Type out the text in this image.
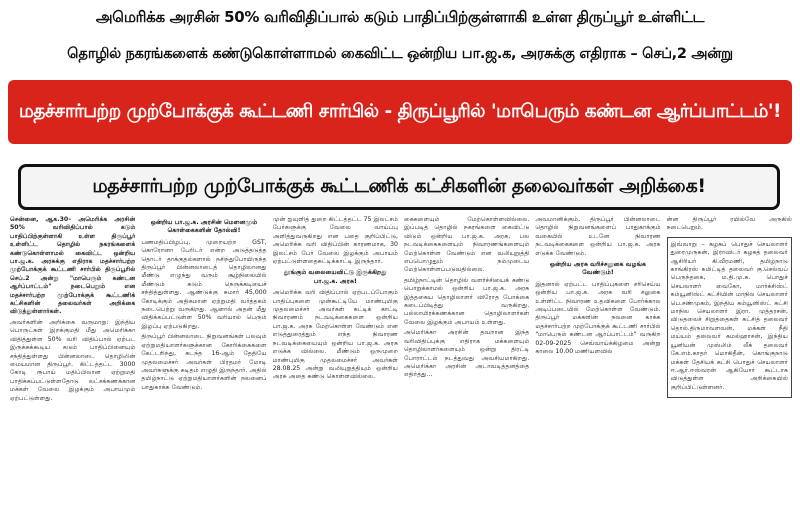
அமெரிக்க அரசின் 50% வரிவிதிப்பால் கடும் பாதிப்பிற்குள்ளாகி உள்ள திருப்பூர் உள்ளிட்ட
தொழில் நகரங்களைக் கண்டுகொள்ளாமல் கைவிட்ட ஒன்றிய பா.ஜ.க, அரசுக்கு எதிராக – செப்,2 அன்று
மதச்சார்பற்ற முற்போக்குக் கூட்டணி சார்பில் - திருப்பூரில் 'மாபெரும் கண்டன ஆர்ப்பாட்டம்'!
மதச்சார்பற்ற முற்போக்குக் கூட்டணிக் கட்சிகளின் தலைவர்கள் அறிக்கை!

சென்னை, ஆக.30– அமெரிக்க அரசின் 50% வரிவிதிப்பால் கடும் பாதிப்பிற்குள்ளாகி உள்ள திருப்பூர் உள்ளிட்ட தொழில் நகரங்களைக் கண்டுகொள்ளாமல் கைவிட்ட ஒன்றிய பா.ஜ.க. அரசுக்கு எதிராக மதச்சார்பற்ற முற்போக்குக் கூட்டணி சார்பில் திருப்பூரில் செப்.2 அன்று "மாபெரும் கண்டன ஆர்ப்பாட்டம்" நடைபெறும் என மதச்சார்பற்ற முற்போக்குக் கூட்டணிக் கட்சிகளின் தலைவர்கள் அறிக்கை விடுத்துள்ளார்கள்.

அவர்களின் அறிக்கை வருமாறு: இந்திய பொருட்கள் இறக்குமதி மீது அமெரிக்கா விதித்துள்ள 50% வரி விதிப்பால் ஏற்பட இருக்கக்கூடிய கடும் பாதிப்பினையும் சந்தித்துள்ளது பின்னலாடை தொழிலின் மையமான திருப்பூர். கிட்டத்தட்ட 3000 கோடி ரூபாய் மதிப்பிலான ஏற்றுமதி பாதிக்கப்பட்டுள்ளதோடு லட்சக்கணக்கான மக்கள் வேலை இழக்கும் அபாயமும் ஏற்பட்டுள்ளது.

ஒன்றிய பா.ஜ.க. அரசின் மெளனமும் கொள்கைகளின் தோல்வி!

பணமதிப்பிழப்பு, முறையற்ற GST, கொரோனா பேரிடர் என்ற அடுத்தடுத்த தொடர் தாக்குதல்களால் நசிந்துபோயிருந்த திருப்பூர் பின்னலாடைத் தொழிலானது மீண்டு எழுந்து வரும் சூழ்நிலையில் மீண்டும் கடும் நெருக்கடியைச் சந்தித்துள்ளது. ஆண்டுக்கு சுமார் 45,000 கோடிக்கும் அதிகமான ஏற்றுமதி வர்த்தகம் நடைபெற்று வருகிறது. ஆனால் அதன் மீது விதிக்கப்பட்டுள்ள 50% வரியால் பெரும் இழப்பு ஏற்படுகிறது.

திருப்பூர் பின்னலாடை நிறுவனங்கள் பலவும் ஏற்றுமதியாளர்களுக்கான கோரிக்கைகளை கேட்டறிந்து, கடந்த 16-ஆம் தேதியே முதலமைச்சர் அவர்கள் பிரதமர் மோடி அவர்களுக்கு கடிதம் எழுதி இருந்தார். அதில் தமிழ்நாட்டு ஏற்றுமதியாளர்களின் நலனைப் பாதுகாக்க வேண்டும்.

முன் ஐவுளித் துறை கிட்டத்தட்ட 75 இலட்சம் பேர்களுக்கு வேலை வாய்ப்பு அளித்துவருகிறது என பதை குறிப்பிட்டு, அமெரிக்க வரி விதிப்பின் காரணமாக, 30 இலட்சம் பேர் வேலை இழக்கும் அபாயம் ஏற்பட்டுள்ளதைசுட்டிக்காட்டி இருந்தார்.

தூங்கும் வலையைவிட்டு இருக்கிறது பா.ஜ.க. அரசு!

அமெரிக்க வரி விதிப்பால் ஏற்படப்போகும் பாதிப்புகளை முன்கூட்டியே மாண்புமிகு முதலமைச்சர் அவர்கள் சுட்டிக் காட்டி நிவாரணம் நடவடிக்கைகளை ஒன்றிய பா.ஜ.க. அரசு மேற்கொள்ள வேண்டும் என எடுத்துரைத்தும் எந்த நிவாரண நடவடிக்கையையும் ஒன்றிய பா.ஜ.க. அரசு எடுக்க வில்லை. மீண்டும் ஒருமுறை மாண்புமிகு முதலமைச்சர் அவர்கள் 28.08.25 அன்று வலியுறுத்தியும் ஒன்றிய அரசு அதை கண்டு கொள்ளவில்லை.

கைகளையும் மேற்கொள்ளவில்லை. இப்படித் தொழில் நகரங்களை கைவிட்டு விடும் ஒன்றிய பா.ஜ.க. அரசு, பல நடவடிக்கைகளையும் நிவாரணங்களையும் மேற்கொள்ள வேண்டும் என வலியுறுத்தி எப்பொழுதும் நம்முடைய மேற்கொள்ளப்படுவதில்லை.

தமிழ்நாட்டின் தொழில் வளர்ச்சியைக் கண்டு பொறுக்காமல் ஒன்றிய பா.ஜ.க. அரசு இத்தகைய தொழிலாளர் விரோத போக்கை கடைப்பிடித்து வருகிறது. பல்லாயிரக்கணக்கான தொழிலாளர்கள் வேலை இழக்கும் அபாயம் உள்ளது.

அமெரிக்கா அரசின் தவறான இந்த வரிவிதிப்புக்கு எதிராக மக்களையும் தொழிலாளர்களையும் ஒன்று திரட்டி போராட்டம் நடத்துவது அவசியமாகிறது. அமெரிக்கா அரசின் அடாவடித்தனத்தை எதிர்த்து...

அவமானிக்கும், திருப்பூர் பின்னலாடை தொழில் நிறுவனங்களைப் பாதுகாக்கும் வகையில் உடனே நிவாரண நடவடிக்கைகளை ஒன்றிய பா.ஜ.க. அரசு எடுக்க வேண்டும்.

ஒன்றிய அரசு வரிச்சலுகை வழங்க வேண்டும்!

இதனால் ஏற்பட்ட பாதிப்புகளை சரிசெய்ய ஒன்றிய பா.ஜ.க. அரசு வரி சலுகை உள்ளிட்ட நிவாரண உதவிகளை போர்க்கால அடிப்படையில் மேற்கொள்ள வேண்டும். திருப்பூர் மக்களின் நலனை காக்க மதச்சார்பற்ற முற்போக்குக் கூட்டணி சார்பில் "மாபெரும் கண்டன ஆர்ப்பாட்டம்" வருகிற 02-09-2025 செவ்வாய்க்கிழமை அன்று காலை 10.00 மணியளவில்

ன்ன திருப்பூர் ரயில்வே அருகில் நடைபெறும்.

இவ்வாறு – கழகப் பொதுச் செயலாளர் துரைமுருகன், இராவிடர் கழகத் தலைவர் ஆசிரியர் கி.வீரமணி, தமிழ்நாடு காங்கிரஸ் கமிட்டித் தலைவர் கு.செல்வப் பெருந்தகை, ம.தி.மு.க. பொதுச் செயலாளர் வைகோ, மார்க்சிஸ்ட் கம்யூனிஸ்ட் கட்சியின் மாநில செயலாளர் பெ.சண்முகம், இந்திய கம்யூனிஸ்ட் கட்சி மாநில செயலாளர் இரா. முத்தரசன், விடுதலைச் சிறுத்தைகள் கட்சித் தலைவர் தொல்.திருமாவளவன், மக்கள் நீதி மய்யம் தலைவர் கமல்ஹாசன், இந்திய யூனியன் முஸ்லிம் லீக் தலைவர் கே.எம்.காதர் மொகிதீன், கொங்குநாடு மக்கள் தேசியக் கட்சி பொதுச் செயலாளர் ஈ.ஆர்.ஈஸ்வரன் ஆகியோர் கூட்டாக விடுத்துள்ள அறிக்கையில் குறிப்பிட்டுள்ளனர்.
